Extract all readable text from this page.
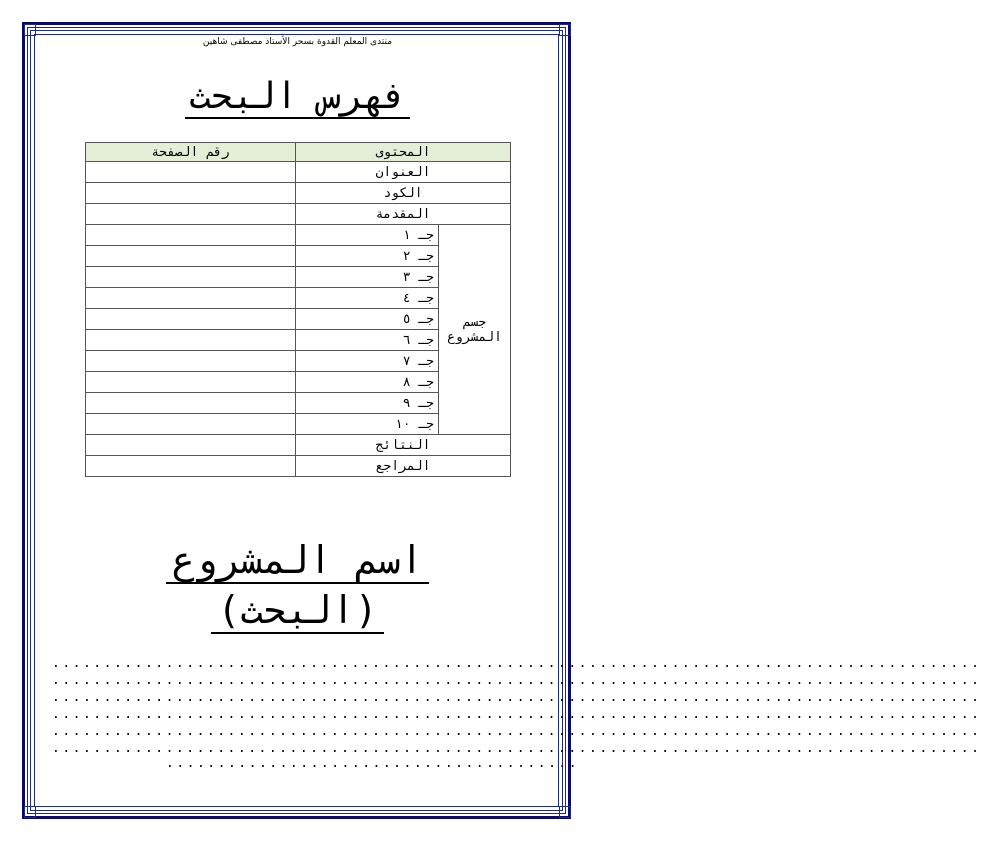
منتدى المعلم القدوة بسحر الأستاذ مصطفى شاهين
فهرس البحث
المحتوى		رقم الصفحة
العنوان		
الكود		
المقدمة		
جسم المشروع	جـ ١	
	جـ ٢	
	جـ ٣	
	جـ ٤	
	جـ ٥	
	جـ ٦	
	جـ ٧	
	جـ ٨	
	جـ ٩	
	جـ ١٠	
النتائج		
المراجع		
اسم المشروع
(البحث)
..........................................................................................
..........................................................................................
..........................................................................................
..........................................................................................
..........................................................................................
..........................................................................................
........................................
